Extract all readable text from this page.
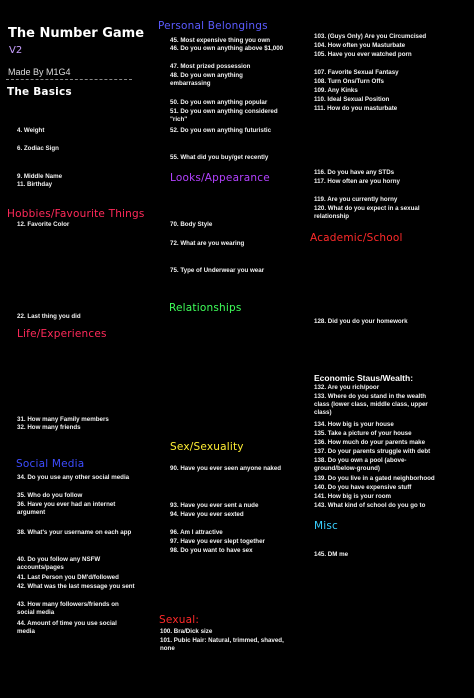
The Number Game
V2
Made By M1G4
The Basics
4. Weight
6. Zodiac Sign
9. Middle Name
11. Birthday
Hobbies/Favourite Things
12. Favorite Color
22. Last thing you did
Life/Experiences
31. How many Family members
32. How many friends
Social Media
34. Do you use any other social media
35. Who do you follow
36. Have you ever had an internet argument
38. What's your username on each app
40. Do you follow any NSFW accounts/pages
41. Last Person you DM'd/followed
42. What was the last message you sent
43. How many followers/friends on social media
44. Amount of time you use social media
Personal Belongings
45. Most expensive thing you own
46. Do you own anything above $1,000
47. Most prized possession
48. Do you own anything embarrassing
50. Do you own anything popular
51. Do you own anything considered "rich"
52. Do you own anything futuristic
55. What did you buy/get recently
Looks/Appearance
70. Body Style
72. What are you wearing
75. Type of Underwear you wear
Relationships
Sex/Sexuality
90. Have you ever seen anyone naked
93. Have you ever sent a nude
94. Have you ever sexted
96. Am I attractive
97. Have you ever slept together
98. Do you want to have sex
Sexual:
100. Bra/Dick size
101. Pubic Hair: Natural, trimmed, shaved, none
103. (Guys Only) Are you Circumcised
104. How often you Masturbate
105. Have you ever watched porn
107. Favorite Sexual Fantasy
108. Turn Ons/Turn Offs
109. Any Kinks
110. Ideal Sexual Position
111. How do you masturbate
116. Do you have any STDs
117. How often are you horny
119. Are you currently horny
120. What do you expect in a sexual relationship
Academic/School
128. Did you do your homework
Economic Staus/Wealth:
132. Are you rich/poor
133. Where do you stand in the wealth class (lower class, middle class, upper class)
134. How big is your house
135. Take a picture of your house
136. How much do your parents make
137. Do your parents struggle with debt
138. Do you own a pool (above-ground/below-ground)
139. Do you live in a gated neighborhood
140. Do you have expensive stuff
141. How big is your room
143. What kind of school do you go to
Misc
145. DM me
